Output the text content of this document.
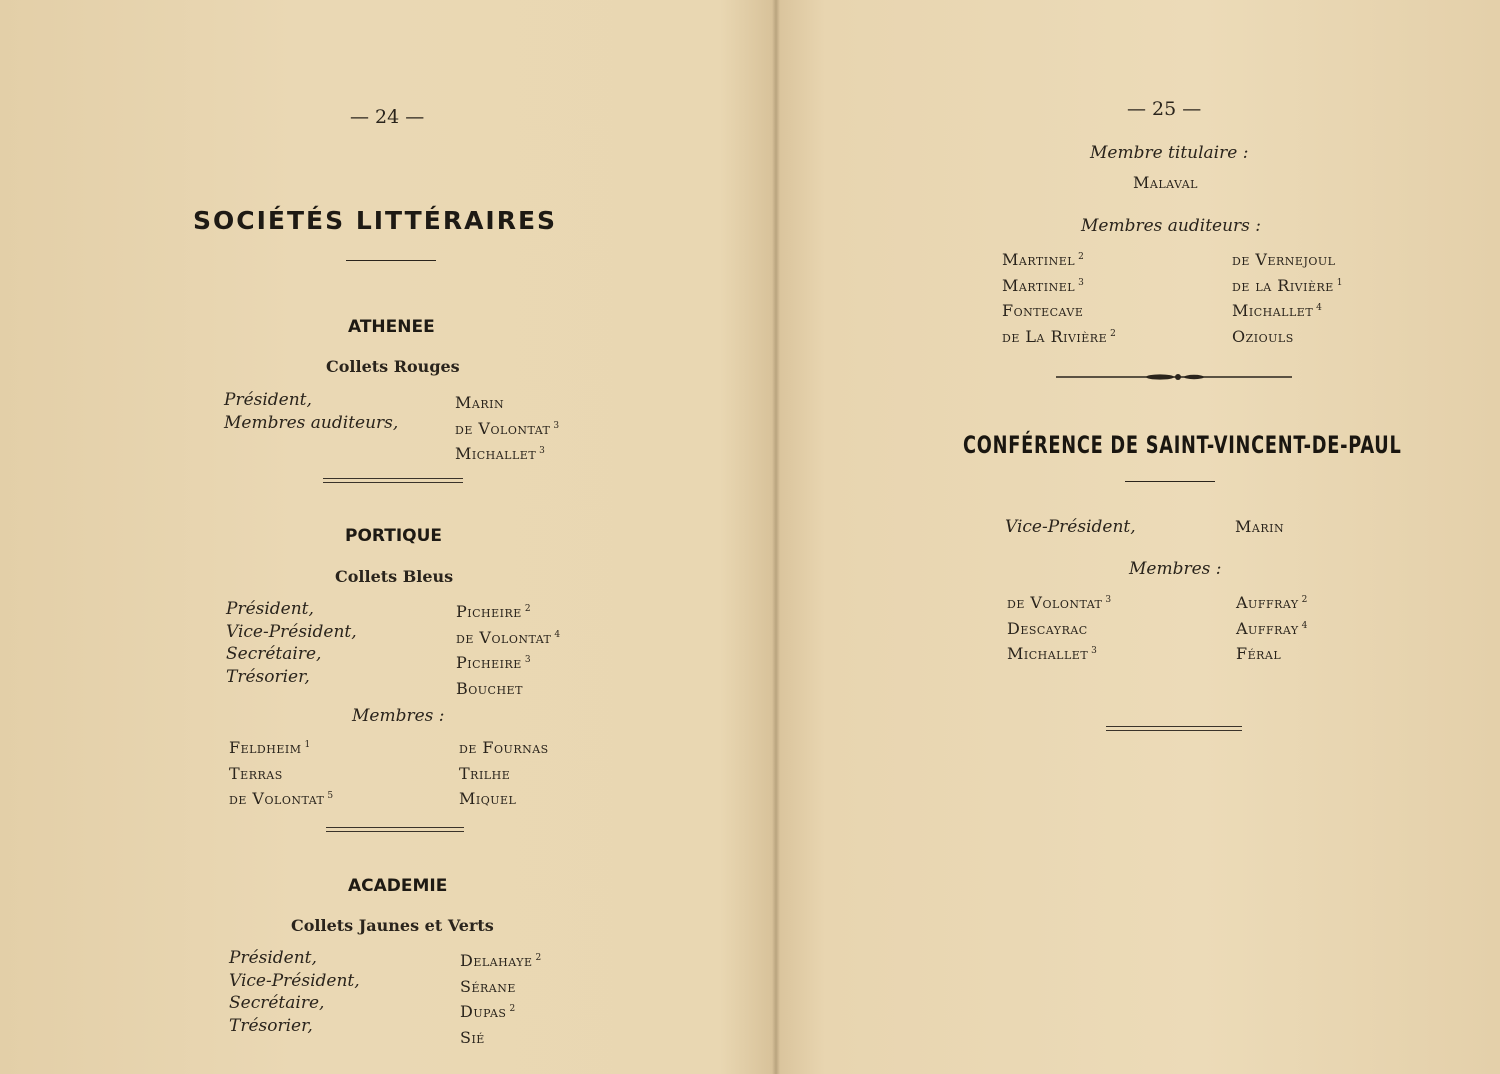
— 24 —
SOCIÉTÉS LITTÉRAIRES
ATHENEE
Collets Rouges
Président,
Membres auditeurs,
Marin
de Volontat $^3$
Michallet $^3$
PORTIQUE
Collets Bleus
Président,
Vice-Président,
Secrétaire,
Trésorier,
Picheire $^2$
de Volontat $^4$
Picheire $^3$
Bouchet
Membres :
Feldheim $^1$
Terras
de Volontat $^5$
de Fournas
Trilhe
Miquel
ACADEMIE
Collets Jaunes et Verts
Président,
Vice-Président,
Secrétaire,
Trésorier,
Delahaye $^2$
Sérane
Dupas $^2$
Sié
— 25 —
Membre titulaire :
Malaval
Membres auditeurs :
Martinel $^2$
Martinel $^3$
Fontecave
de La Rivière $^2$
de Vernejoul
de la Rivière $^1$
Michallet $^4$
Oziouls
CONFÉRENCE DE SAINT-VINCENT-DE-PAUL
Vice-Président,	Marin
Membres :
de Volontat $^3$
Descayrac
Michallet $^3$
Auffray $^2$
Auffray $^4$
Féral
